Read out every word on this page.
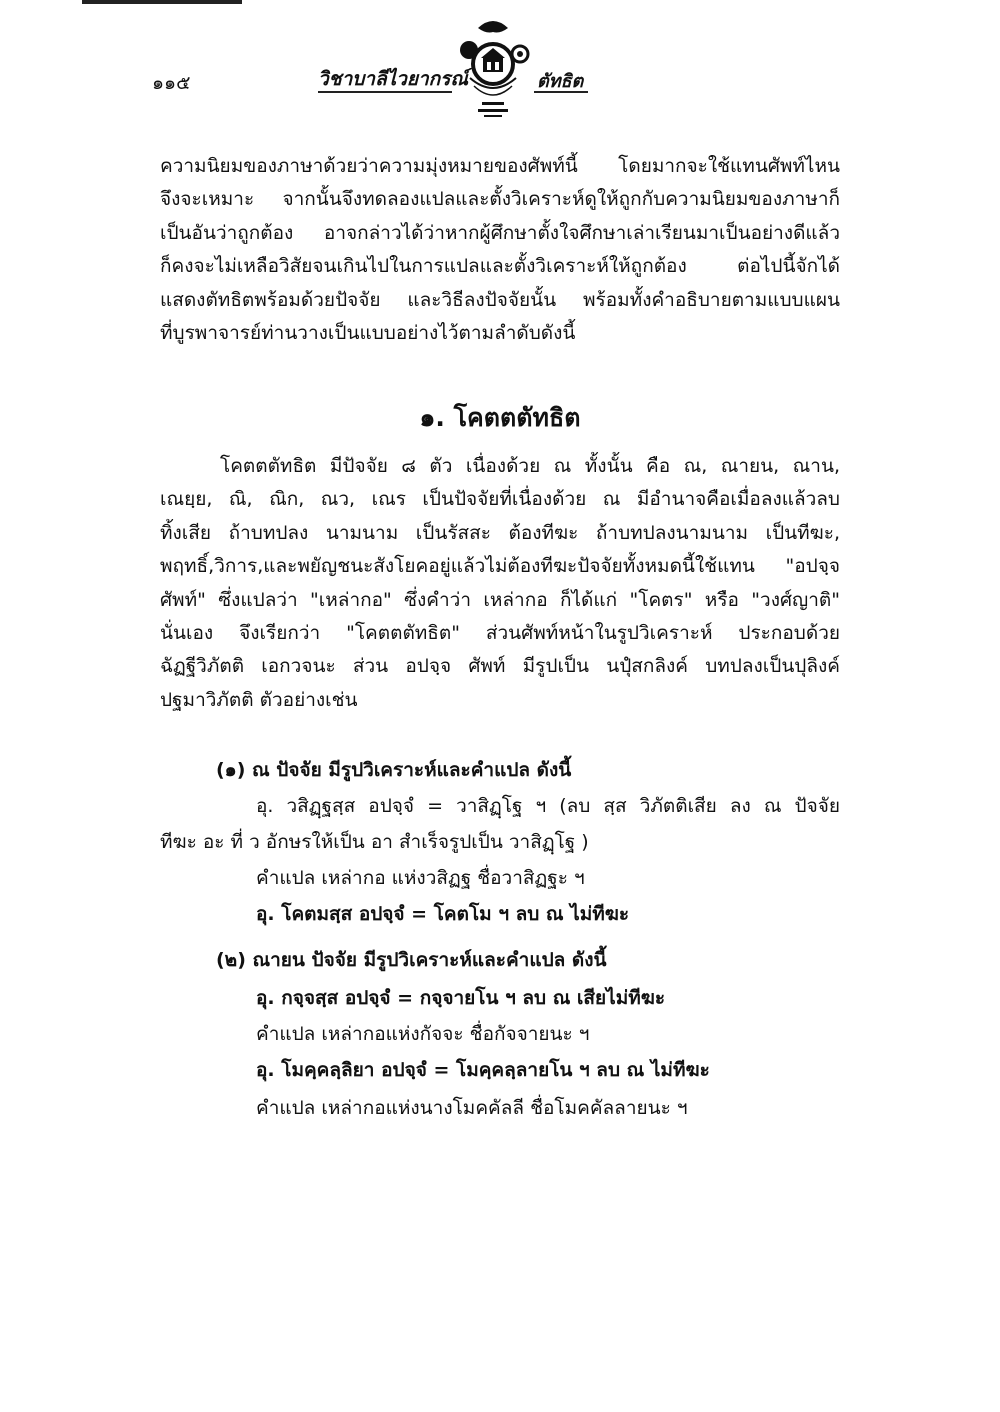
๑๑๕	วิชาบาลีไวยากรณ์	ตัทธิต
ความนิยมของภาษาด้วยว่าความมุ่งหมายของศัพท์นี้ โดยมากจะใช้แทนศัพท์ไหน
จึงจะเหมาะ จากนั้นจึงทดลองแปลและตั้งวิเคราะห์ดูให้ถูกกับความนิยมของภาษาก็
เป็นอันว่าถูกต้อง อาจกล่าวได้ว่าหากผู้ศึกษาตั้งใจศึกษาเล่าเรียนมาเป็นอย่างดีแล้ว
ก็คงจะไม่เหลือวิสัยจนเกินไปในการแปลและตั้งวิเคราะห์ให้ถูกต้อง ต่อไปนี้จักได้
แสดงตัทธิตพร้อมด้วยปัจจัย และวิธีลงปัจจัยนั้น พร้อมทั้งคำอธิบายตามแบบแผน
ที่บูรพาจารย์ท่านวางเป็นแบบอย่างไว้ตามลำดับดังนี้
๑. โคตตตัทธิต
โคตตตัทธิต มีปัจจัย ๘ ตัว เนื่องด้วย ณ ทั้งนั้น คือ ณ, ณายน, ณาน,
เณยฺย, ณิ, ณิก, ณว, เณร เป็นปัจจัยที่เนื่องด้วย ณ มีอำนาจคือเมื่อลงแล้วลบ
ทิ้งเสีย ถ้าบทปลง นามนาม เป็นรัสสะ ต้องทีฆะ ถ้าบทปลงนามนาม เป็นทีฆะ,
พฤทธิ์,วิการ,และพยัญชนะสังโยคอยู่แล้วไม่ต้องทีฆะปัจจัยทั้งหมดนี้ใช้แทน "อปจฺจ
ศัพท์" ซึ่งแปลว่า "เหล่ากอ" ซึ่งคำว่า เหล่ากอ ก็ได้แก่ "โคตร" หรือ "วงศ์ญาติ"
นั่นเอง จึงเรียกว่า "โคตตตัทธิต" ส่วนศัพท์หน้าในรูปวิเคราะห์ ประกอบด้วย
ฉัฏฐีวิภัตติ เอกวจนะ ส่วน อปจฺจ ศัพท์ มีรูปเป็น นปุํสกลิงค์ บทปลงเป็นปุลิงค์
ปฐมาวิภัตติ ตัวอย่างเช่น
(๑) ณ ปัจจัย มีรูปวิเคราะห์และคำแปล ดังนี้
อุ. วสิฏฺฐสฺส อปจฺจํ = วาสิฏฺโฐ ฯ (ลบ สฺส วิภัตติเสีย ลง ณ ปัจจัย
ทีฆะ อะ ที่ ว อักษรให้เป็น อา สำเร็จรูปเป็น วาสิฏฺโฐ )
คำแปล เหล่ากอ แห่งวสิฏฐ ชื่อวาสิฏฐะ ฯ
อุ. โคตมสฺส อปจฺจํ = โคตโม ฯ ลบ ณ ไม่ทีฆะ
(๒) ณายน ปัจจัย มีรูปวิเคราะห์และคำแปล ดังนี้
อุ. กจฺจสฺส อปจฺจํ = กจฺจายโน ฯ ลบ ณ เสียไม่ทีฆะ
คำแปล เหล่ากอแห่งกัจจะ ชื่อกัจจายนะ ฯ
อุ. โมคฺคลฺลิยา อปจฺจํ = โมคฺคลฺลายโน ฯ ลบ ณ ไม่ทีฆะ
คำแปล เหล่ากอแห่งนางโมคคัลลี ชื่อโมคคัลลายนะ ฯ
